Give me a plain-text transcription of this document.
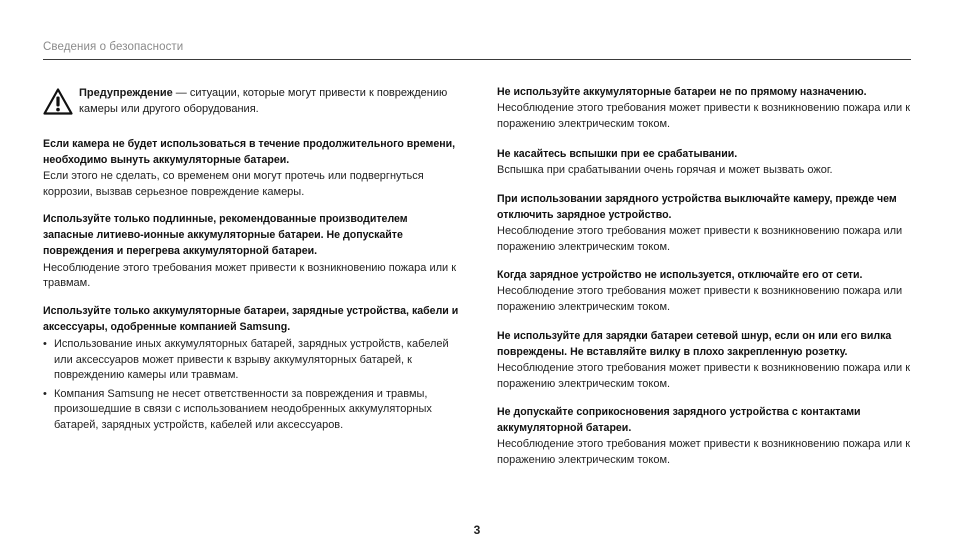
Сведения о безопасности
Предупреждение — ситуации, которые могут привести к повреждению камеры или другого оборудования.

Если камера не будет использоваться в течение продолжительного времени, необходимо вынуть аккумуляторные батареи.

Если этого не сделать, со временем они могут протечь или подвергнуться коррозии, вызвав серьезное повреждение камеры.

Используйте только подлинные, рекомендованные производителем запасные литиево-ионные аккумуляторные батареи. Не допускайте повреждения и перегрева аккумуляторной батареи.

Несоблюдение этого требования может привести к возникновению пожара или к травмам.

Используйте только аккумуляторные батареи, зарядные устройства, кабели и аксессуары, одобренные компанией Samsung.

• Использование иных аккумуляторных батарей, зарядных устройств, кабелей или аксессуаров может привести к взрыву аккумуляторных батарей, к повреждению камеры или травмам.
• Компания Samsung не несет ответственности за повреждения и травмы, произошедшие в связи с использованием неодобренных аккумуляторных батарей, зарядных устройств, кабелей или аксессуаров.

Не используйте аккумуляторные батареи не по прямому назначению.

Несоблюдение этого требования может привести к возникновению пожара или к поражению электрическим током.

Не касайтесь вспышки при ее срабатывании.

Вспышка при срабатывании очень горячая и может вызвать ожог.

При использовании зарядного устройства выключайте камеру, прежде чем отключить зарядное устройство.

Несоблюдение этого требования может привести к возникновению пожара или поражению электрическим током.

Когда зарядное устройство не используется, отключайте его от сети.

Несоблюдение этого требования может привести к возникновению пожара или поражению электрическим током.

Не используйте для зарядки батареи сетевой шнур, если он или его вилка повреждены. Не вставляйте вилку в плохо закрепленную розетку.

Несоблюдение этого требования может привести к возникновению пожара или к поражению электрическим током.

Не допускайте соприкосновения зарядного устройства с контактами аккумуляторной батареи.

Несоблюдение этого требования может привести к возникновению пожара или к поражению электрическим током.

3
